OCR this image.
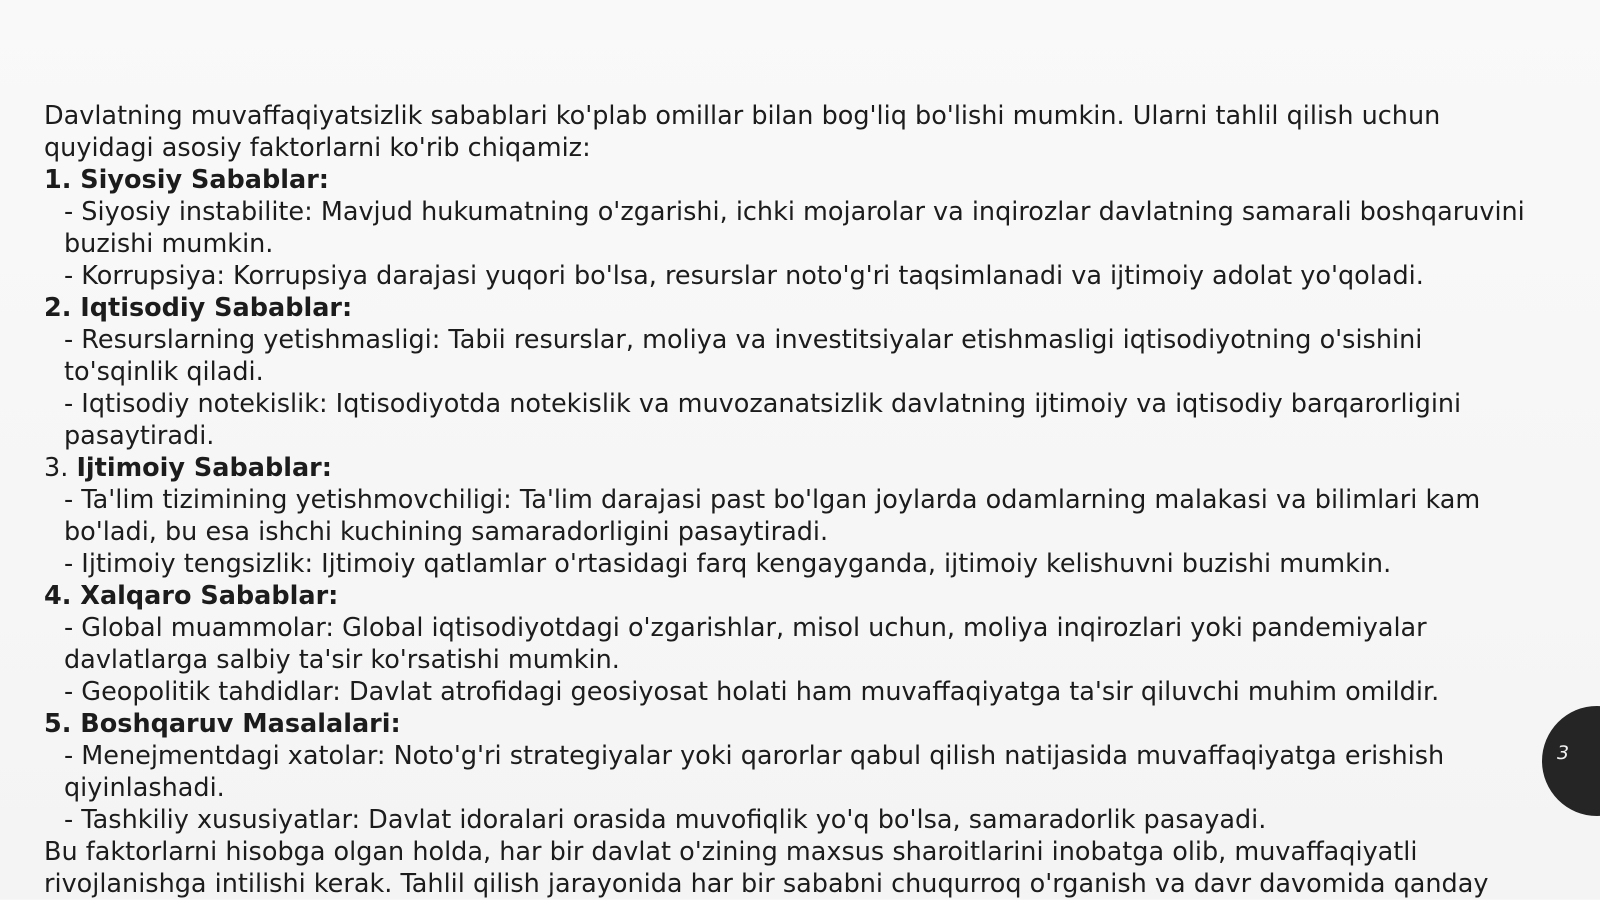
Davlatning muvaffaqiyatsizlik sabablari ko'plab omillar bilan bog'liq bo'lishi mumkin. Ularni tahlil qilish uchun quyidagi asosiy faktorlarni ko'rib chiqamiz:

1. Siyosiy Sabablar:

- Siyosiy instabilite: Mavjud hukumatning o'zgarishi, ichki mojarolar va inqirozlar davlatning samarali boshqaruvini buzishi mumkin.

- Korrupsiya: Korrupsiya darajasi yuqori bo'lsa, resurslar noto'g'ri taqsimlanadi va ijtimoiy adolat yo'qoladi.

2. Iqtisodiy Sabablar:

- Resurslarning yetishmasligi: Tabii resurslar, moliya va investitsiyalar etishmasligi iqtisodiyotning o'sishini to'sqinlik qiladi.

- Iqtisodiy notekislik: Iqtisodiyotda notekislik va muvozanatsizlik davlatning ijtimoiy va iqtisodiy barqarorligini pasaytiradi.

3. Ijtimoiy Sabablar:

- Ta'lim tizimining yetishmovchiligi: Ta'lim darajasi past bo'lgan joylarda odamlarning malakasi va bilimlari kam bo'ladi, bu esa ishchi kuchining samaradorligini pasaytiradi.

- Ijtimoiy tengsizlik: Ijtimoiy qatlamlar o'rtasidagi farq kengayganda, ijtimoiy kelishuvni buzishi mumkin.

4. Xalqaro Sabablar:

- Global muammolar: Global iqtisodiyotdagi o'zgarishlar, misol uchun, moliya inqirozlari yoki pandemiyalar davlatlarga salbiy ta'sir ko'rsatishi mumkin.

- Geopolitik tahdidlar: Davlat atrofidagi geosiyosat holati ham muvaffaqiyatga ta'sir qiluvchi muhim omildir.

5. Boshqaruv Masalalari:

- Menejmentdagi xatolar: Noto'g'ri strategiyalar yoki qarorlar qabul qilish natijasida muvaffaqiyatga erishish qiyinlashadi.

- Tashkiliy xususiyatlar: Davlat idoralari orasida muvofiqlik yo'q bo'lsa, samaradorlik pasayadi.

Bu faktorlarni hisobga olgan holda, har bir davlat o'zining maxsus sharoitlarini inobatga olib, muvaffaqiyatli rivojlanishga intilishi kerak. Tahlil qilish jarayonida har bir sababni chuqurroq o'rganish va davr davomida qanday

3
